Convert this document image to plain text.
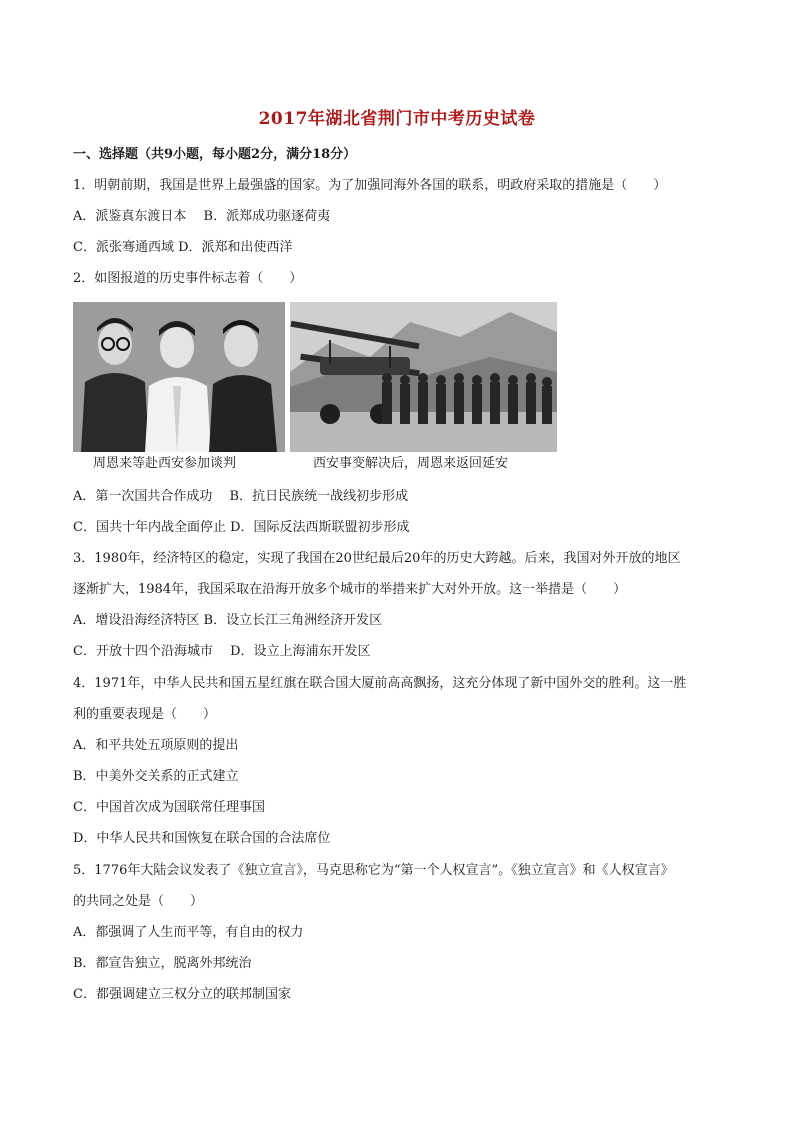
2017年湖北省荆门市中考历史试卷
一、选择题（共9小题，每小题2分，满分18分）
1．明朝前期，我国是世界上最强盛的国家。为了加强同海外各国的联系，明政府采取的措施是（　　）
A．派鉴真东渡日本　 B．派郑成功驱逐荷夷
C．派张骞通西域 D．派郑和出使西洋
2．如图报道的历史事件标志着（　　）
周恩来等赴西安参加谈判	西安事变解决后，周恩来返回延安
A．第一次国共合作成功　 B．抗日民族统一战线初步形成
C．国共十年内战全面停止 D．国际反法西斯联盟初步形成
3．1980年，经济特区的稳定，实现了我国在20世纪最后20年的历史大跨越。后来，我国对外开放的地区
逐渐扩大，1984年，我国采取在沿海开放多个城市的举措来扩大对外开放。这一举措是（　　）
A．增设沿海经济特区 B．设立长江三角洲经济开发区
C．开放十四个沿海城市　 D．设立上海浦东开发区
4．1971年，中华人民共和国五星红旗在联合国大厦前高高飘扬，这充分体现了新中国外交的胜利。这一胜
利的重要表现是（　　）
A．和平共处五项原则的提出
B．中美外交关系的正式建立
C．中国首次成为国联常任理事国
D．中华人民共和国恢复在联合国的合法席位
5．1776年大陆会议发表了《独立宣言》，马克思称它为“第一个人权宣言”。《独立宣言》和《人权宣言》
的共同之处是（　　）
A．都强调了人生而平等，有自由的权力
B．都宣告独立，脱离外邦统治
C．都强调建立三权分立的联邦制国家
